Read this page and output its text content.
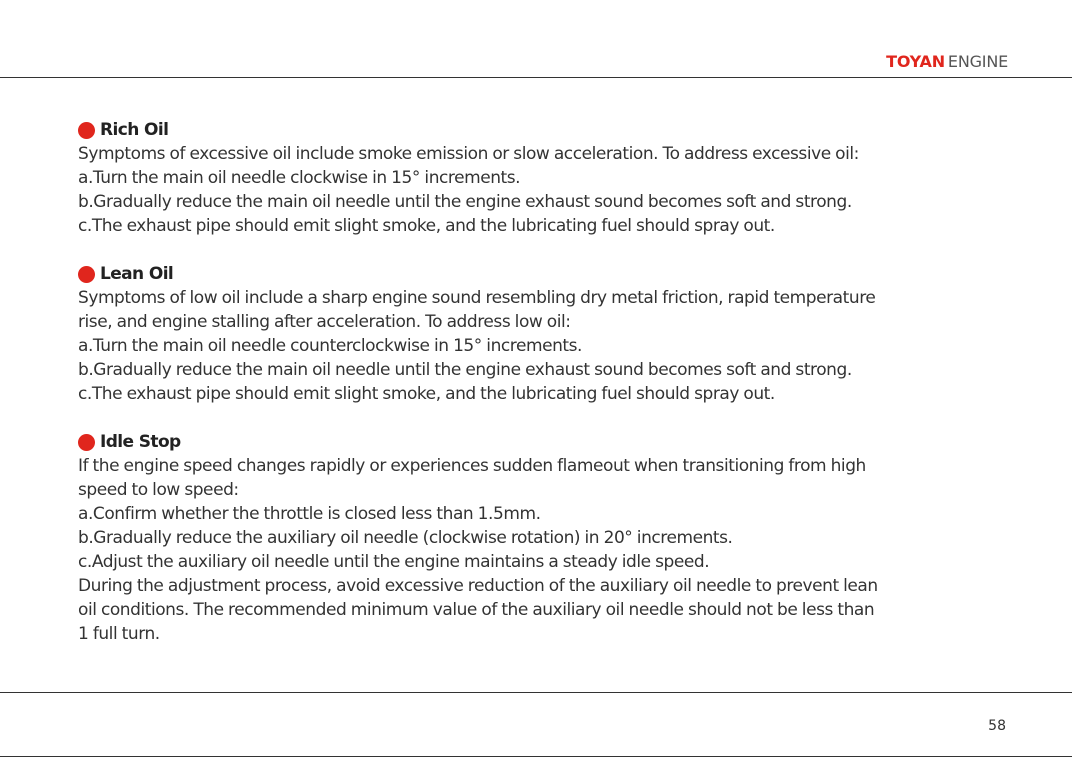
TOYAN ENGINE
Rich Oil
Symptoms of excessive oil include smoke emission or slow acceleration. To address excessive oil:
a.Turn the main oil needle clockwise in 15° increments.
b.Gradually reduce the main oil needle until the engine exhaust sound becomes soft and strong.
c.The exhaust pipe should emit slight smoke, and the lubricating fuel should spray out.
Lean Oil
Symptoms of low oil include a sharp engine sound resembling dry metal friction, rapid temperature
rise, and engine stalling after acceleration. To address low oil:
a.Turn the main oil needle counterclockwise in 15° increments.
b.Gradually reduce the main oil needle until the engine exhaust sound becomes soft and strong.
c.The exhaust pipe should emit slight smoke, and the lubricating fuel should spray out.
Idle Stop
If the engine speed changes rapidly or experiences sudden flameout when transitioning from high
speed to low speed:
a.Confirm whether the throttle is closed less than 1.5mm.
b.Gradually reduce the auxiliary oil needle (clockwise rotation) in 20° increments.
c.Adjust the auxiliary oil needle until the engine maintains a steady idle speed.
During the adjustment process, avoid excessive reduction of the auxiliary oil needle to prevent lean
oil conditions. The recommended minimum value of the auxiliary oil needle should not be less than
1 full turn.
58
